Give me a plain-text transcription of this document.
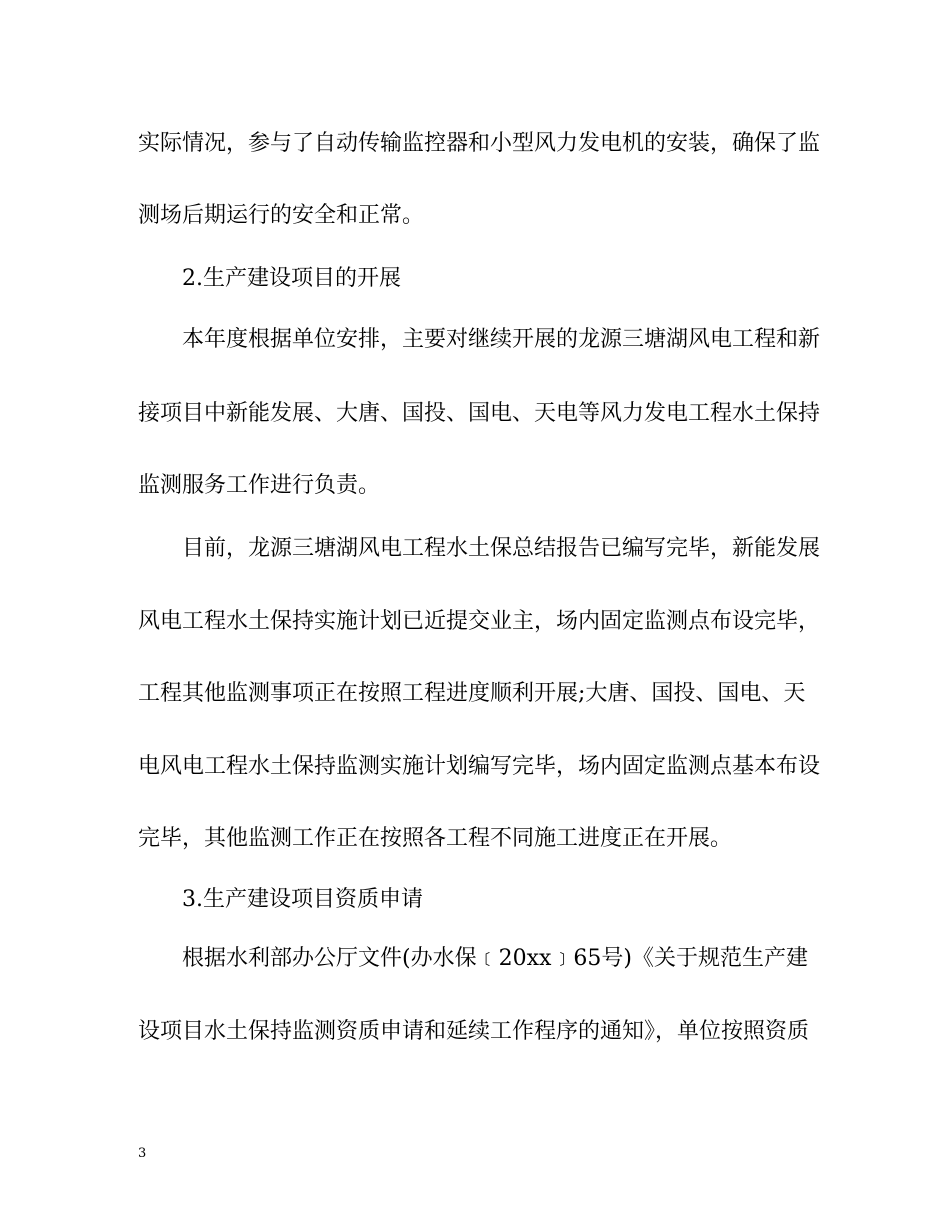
实际情况，参与了自动传输监控器和小型风力发电机的安装，确保了监
测场后期运行的安全和正常。
2.生产建设项目的开展
本年度根据单位安排，主要对继续开展的龙源三塘湖风电工程和新
接项目中新能发展、大唐、国投、国电、天电等风力发电工程水土保持
监测服务工作进行负责。
目前，龙源三塘湖风电工程水土保总结报告已编写完毕，新能发展
风电工程水土保持实施计划已近提交业主，场内固定监测点布设完毕，
工程其他监测事项正在按照工程进度顺利开展;大唐、国投、国电、天
电风电工程水土保持监测实施计划编写完毕，场内固定监测点基本布设
完毕，其他监测工作正在按照各工程不同施工进度正在开展。
3.生产建设项目资质申请
根据水利部办公厅文件(办水保﹝20xx﹞65号)《关于规范生产建
设项目水土保持监测资质申请和延续工作程序的通知》，单位按照资质
3
